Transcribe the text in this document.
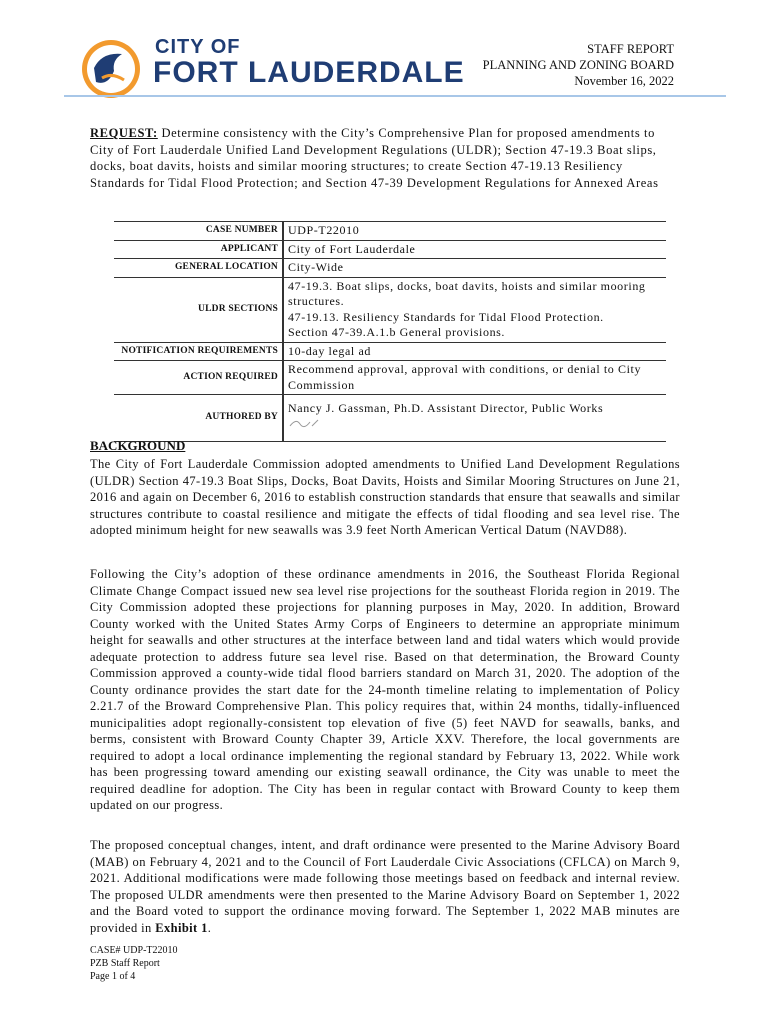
CITY OF
FORT LAUDERDALE
STAFF REPORT
PLANNING AND ZONING BOARD
November 16, 2022
REQUEST: Determine consistency with the City’s Comprehensive Plan for proposed amendments to City of Fort Lauderdale Unified Land Development Regulations (ULDR); Section 47-19.3 Boat slips, docks, boat davits, hoists and similar mooring structures; to create Section 47-19.13 Resiliency Standards for Tidal Flood Protection; and Section 47-39 Development Regulations for Annexed Areas
CASE NUMBER	UDP-T22010
APPLICANT	City of Fort Lauderdale
GENERAL LOCATION	City-Wide
ULDR SECTIONS	47-19.3. Boat slips, docks, boat davits, hoists and similar mooring structures.
47-19.13. Resiliency Standards for Tidal Flood Protection.
Section 47-39.A.1.b General provisions.

NOTIFICATION REQUIREMENTS	10-day legal ad
ACTION REQUIRED	Recommend approval, approval with conditions, or denial to City Commission
AUTHORED BY	Nancy J. Gassman, Ph.D. Assistant Director, Public Works
BACKGROUND
The City of Fort Lauderdale Commission adopted amendments to Unified Land Development Regulations (ULDR) Section 47-19.3 Boat Slips, Docks, Boat Davits, Hoists and Similar Mooring Structures on June 21, 2016 and again on December 6, 2016 to establish construction standards that ensure that seawalls and similar structures contribute to coastal resilience and mitigate the effects of tidal flooding and sea level rise. The adopted minimum height for new seawalls was 3.9 feet North American Vertical Datum (NAVD88).
Following the City’s adoption of these ordinance amendments in 2016, the Southeast Florida Regional Climate Change Compact issued new sea level rise projections for the southeast Florida region in 2019. The City Commission adopted these projections for planning purposes in May, 2020. In addition, Broward County worked with the United States Army Corps of Engineers to determine an appropriate minimum height for seawalls and other structures at the interface between land and tidal waters which would provide adequate protection to address future sea level rise. Based on that determination, the Broward County Commission approved a county-wide tidal flood barriers standard on March 31, 2020. The adoption of the County ordinance provides the start date for the 24-month timeline relating to implementation of Policy 2.21.7 of the Broward Comprehensive Plan. This policy requires that, within 24 months, tidally-influenced municipalities adopt regionally-consistent top elevation of five (5) feet NAVD for seawalls, banks, and berms, consistent with Broward County Chapter 39, Article XXV. Therefore, the local governments are required to adopt a local ordinance implementing the regional standard by February 13, 2022. While work has been progressing toward amending our existing seawall ordinance, the City was unable to meet the required deadline for adoption. The City has been in regular contact with Broward County to keep them updated on our progress.
The proposed conceptual changes, intent, and draft ordinance were presented to the Marine Advisory Board (MAB) on February 4, 2021 and to the Council of Fort Lauderdale Civic Associations (CFLCA) on March 9, 2021. Additional modifications were made following those meetings based on feedback and internal review. The proposed ULDR amendments were then presented to the Marine Advisory Board on September 1, 2022 and the Board voted to support the ordinance moving forward. The September 1, 2022 MAB minutes are provided in Exhibit 1.
CASE# UDP-T22010
PZB Staff Report
Page 1 of 4
